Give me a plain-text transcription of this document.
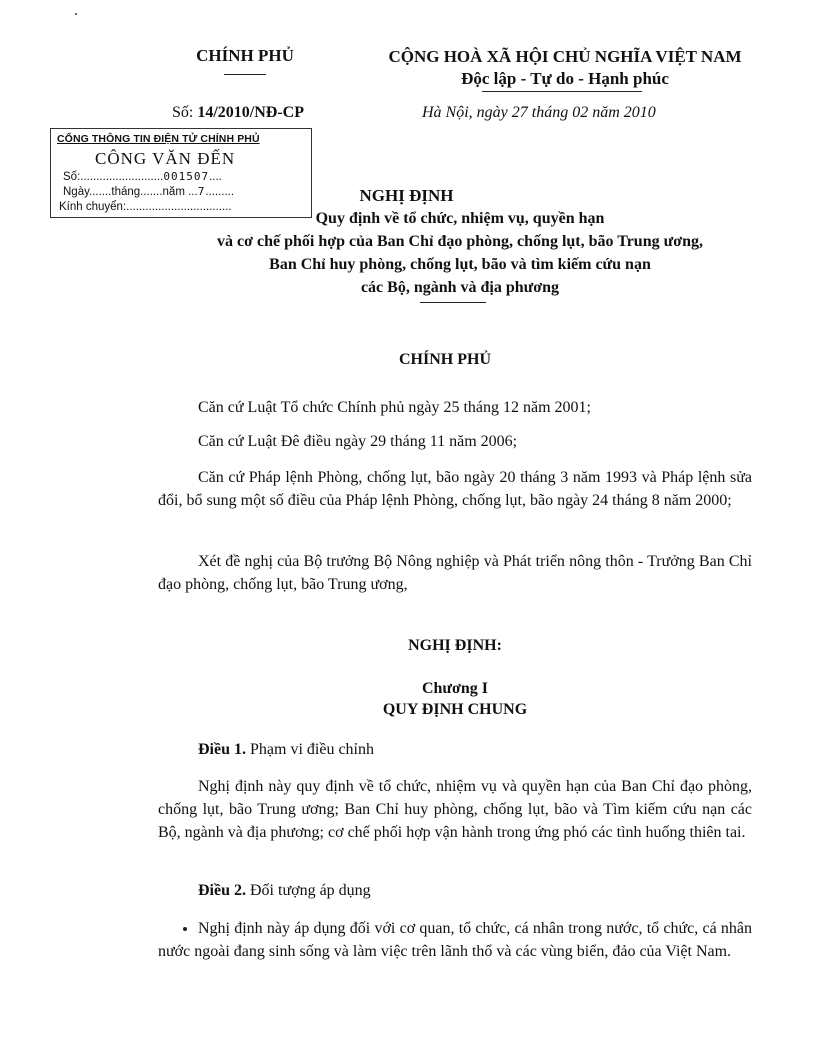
CHÍNH PHỦ	CỘNG HOÀ XÃ HỘI CHỦ NGHĨA VIỆT NAM
Độc lập - Tự do - Hạnh phúc
Số: 14/2010/NĐ-CP	Hà Nội, ngày 27 tháng 02 năm 2010
CỔNG THÔNG TIN ĐIỆN TỬ CHÍNH PHỦ
CÔNG VĂN ĐẾN
Số:..........................001507....
Ngày.......tháng.......năm ...7.........
Kính chuyển:.................................
NGHỊ ĐỊNH
Quy định về tổ chức, nhiệm vụ, quyền hạn
và cơ chế phối hợp của Ban Chỉ đạo phòng, chống lụt, bão Trung ương,
Ban Chỉ huy phòng, chống lụt, bão và tìm kiếm cứu nạn
các Bộ, ngành và địa phương
CHÍNH PHỦ
Căn cứ Luật Tổ chức Chính phủ ngày 25 tháng 12 năm 2001;
Căn cứ Luật Đê điều ngày 29 tháng 11 năm 2006;
Căn cứ Pháp lệnh Phòng, chống lụt, bão ngày 20 tháng 3 năm 1993 và Pháp lệnh sửa đổi, bổ sung một số điều của Pháp lệnh Phòng, chống lụt, bão ngày 24 tháng 8 năm 2000;
Xét đề nghị của Bộ trưởng Bộ Nông nghiệp và Phát triển nông thôn - Trưởng Ban Chỉ đạo phòng, chống lụt, bão Trung ương,
NGHỊ ĐỊNH:
Chương I
QUY ĐỊNH CHUNG
Điều 1. Phạm vi điều chỉnh
Nghị định này quy định về tổ chức, nhiệm vụ và quyền hạn của Ban Chỉ đạo phòng, chống lụt, bão Trung ương; Ban Chỉ huy phòng, chống lụt, bão và Tìm kiếm cứu nạn các Bộ, ngành và địa phương; cơ chế phối hợp vận hành trong ứng phó các tình huống thiên tai.
Điều 2. Đối tượng áp dụng
Nghị định này áp dụng đối với cơ quan, tổ chức, cá nhân trong nước, tổ chức, cá nhân nước ngoài đang sinh sống và làm việc trên lãnh thổ và các vùng biển, đảo của Việt Nam.
